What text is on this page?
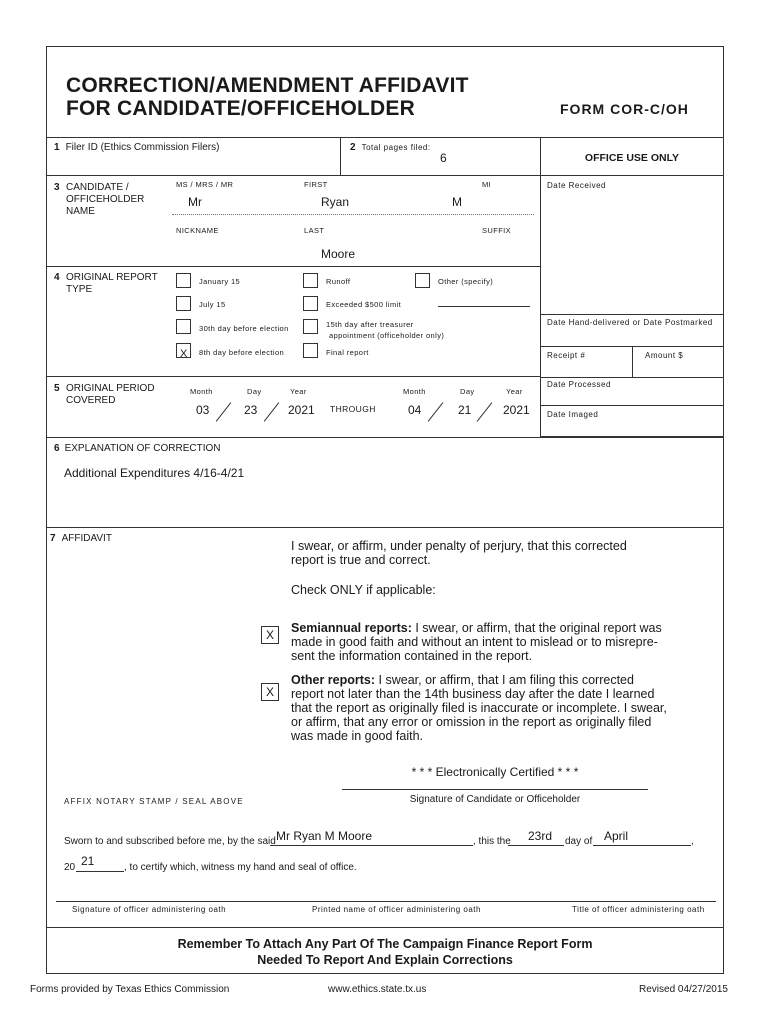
CORRECTION/AMENDMENT AFFIDAVIT
FOR CANDIDATE/OFFICEHOLDER	FORM COR-C/OH
1 Filer ID (Ethics Commission Filers)	2 Total pages filed:
6	OFFICE USE ONLY
Date Received
Date Hand-delivered or Date Postmarked
Receipt #	Amount $
Date Processed
Date Imaged
3 CANDIDATE / OFFICEHOLDER NAME
MS / MRS / MR	FIRST	MI
Mr	Ryan	M
NICKNAME	LAST	SUFFIX
Moore
4 ORIGINAL REPORT TYPE
January 15	Runoff	Other (specify)
July 15	Exceeded $500 limit
30th day before election	15th day after treasurer
appointment (officeholder only)
X 8th day before election	Final report
5 ORIGINAL PERIOD COVERED
Month	Day	Year	Month	Day	Year
03	23	2021 THROUGH	04	21	2021
6 EXPLANATION OF CORRECTION
Additional Expenditures 4/16-4/21
7 AFFIDAVIT
I swear, or affirm, under penalty of perjury, that this corrected
report is true and correct.
Check ONLY if applicable:
X	Semiannual reports: I swear, or affirm, that the original report was
made in good faith and without an intent to mislead or to misrepre-
sent the information contained in the report.
X
Other reports: I swear, or affirm, that I am filing this corrected
report not later than the 14th business day after the date I learned
that the report as originally filed is inaccurate or incomplete. I swear,
or affirm, that any error or omission in the report as originally filed
was made in good faith.
* * * Electronically Certified * * *
Signature of Candidate or Officeholder
AFFIX NOTARY STAMP / SEAL ABOVE
Sworn to and subscribed before me, by the said Mr Ryan M Moore	, this the 23rd day of April	,
20 21	, to certify which, witness my hand and seal of office.
Signature of officer administering oath	Printed name of officer administering oath	Title of officer administering oath
Remember To Attach Any Part Of The Campaign Finance Report Form
Needed To Report And Explain Corrections
Forms provided by Texas Ethics Commission	www.ethics.state.tx.us	Revised 04/27/2015
